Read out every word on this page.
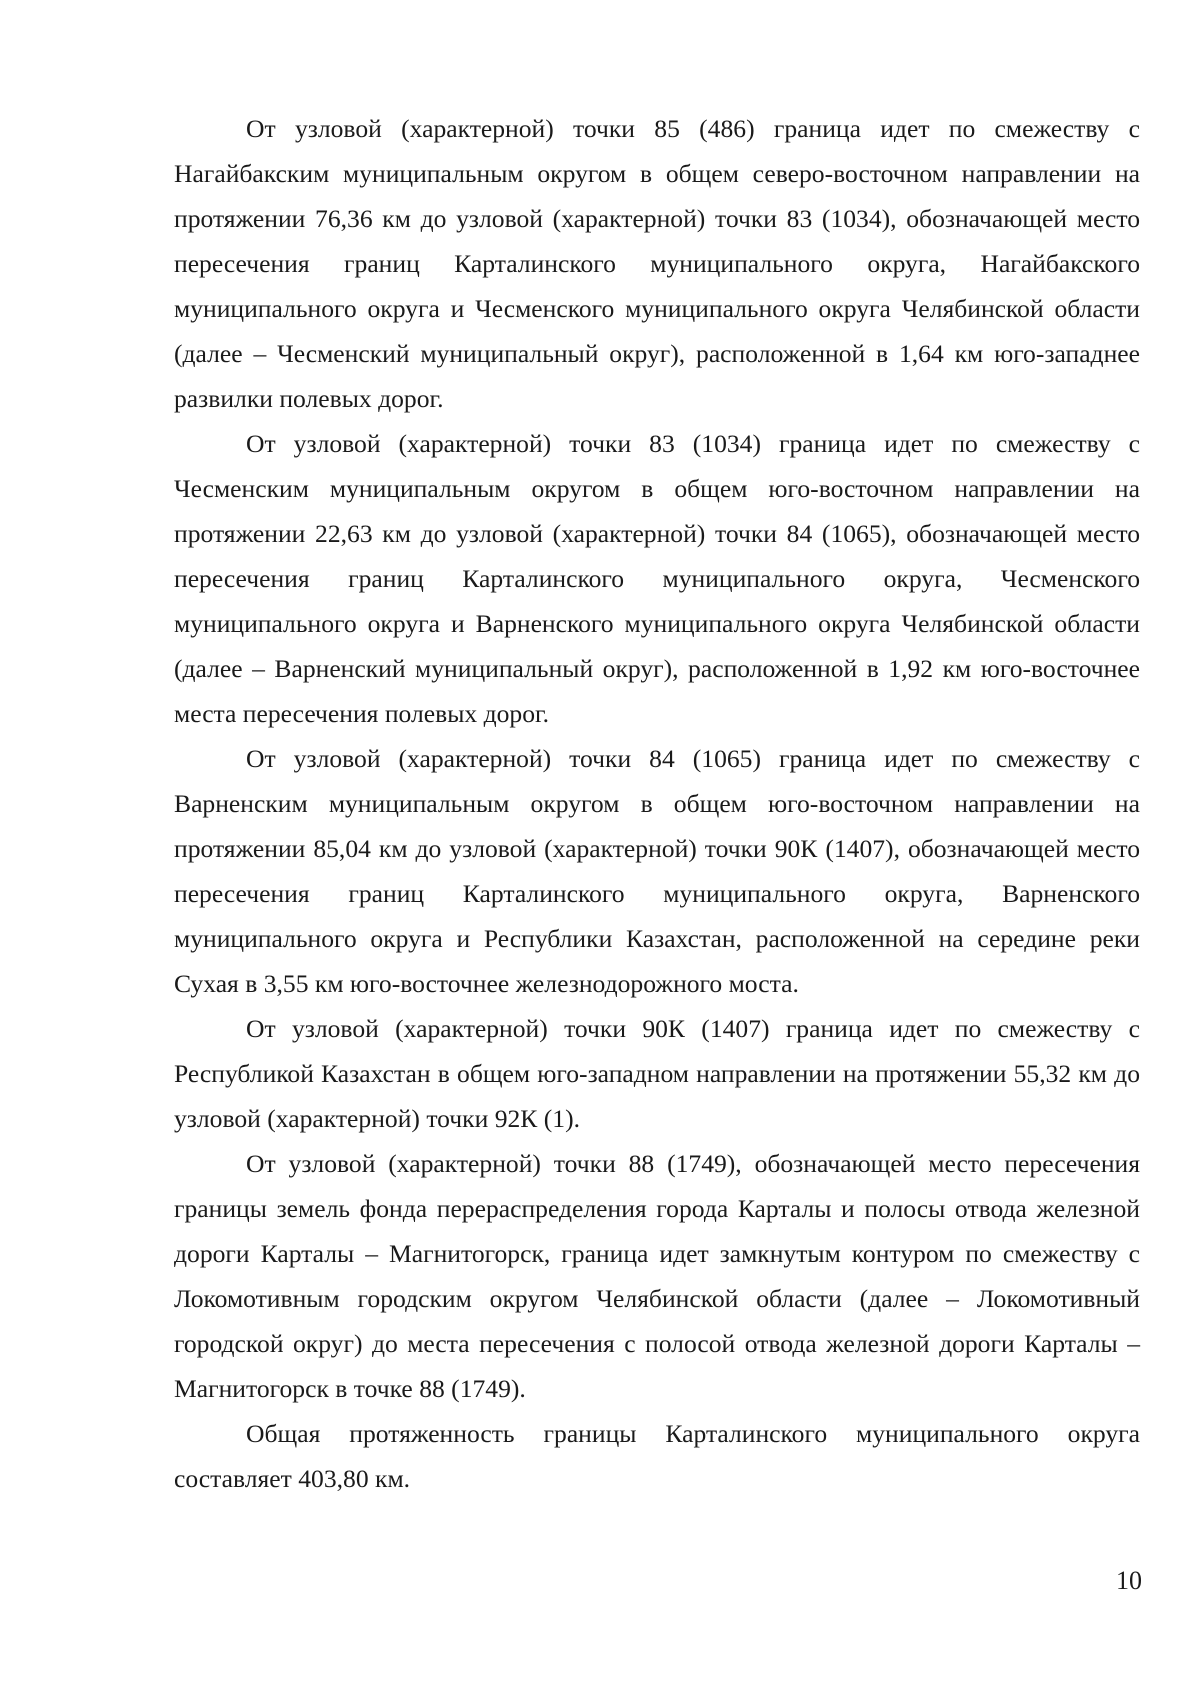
От узловой (характерной) точки 85 (486) граница идет по смежеству с Нагайбакским муниципальным округом в общем северо-восточном направлении на протяжении 76,36 км до узловой (характерной) точки 83 (1034), обозначающей место пересечения границ Карталинского муниципального округа, Нагайбакского муниципального округа и Чесменского муниципального округа Челябинской области (далее – Чесменский муниципальный округ), расположенной в 1,64 км юго-западнее развилки полевых дорог.

От узловой (характерной) точки 83 (1034) граница идет по смежеству с Чесменским муниципальным округом в общем юго-восточном направлении на протяжении 22,63 км до узловой (характерной) точки 84 (1065), обозначающей место пересечения границ Карталинского муниципального округа, Чесменского муниципального округа и Варненского муниципального округа Челябинской области (далее – Варненский муниципальный округ), расположенной в 1,92 км юго-восточнее места пересечения полевых дорог.

От узловой (характерной) точки 84 (1065) граница идет по смежеству с Варненским муниципальным округом в общем юго-восточном направлении на протяжении 85,04 км до узловой (характерной) точки 90К (1407), обозначающей место пересечения границ Карталинского муниципального округа, Варненского муниципального округа и Республики Казахстан, расположенной на середине реки Сухая в 3,55 км юго-восточнее железнодорожного моста.

От узловой (характерной) точки 90К (1407) граница идет по смежеству с Республикой Казахстан в общем юго-западном направлении на протяжении 55,32 км до узловой (характерной) точки 92К (1).

От узловой (характерной) точки 88 (1749), обозначающей место пересечения границы земель фонда перераспределения города Карталы и полосы отвода железной дороги Карталы – Магнитогорск, граница идет замкнутым контуром по смежеству с Локомотивным городским округом Челябинской области (далее – Локомотивный городской округ) до места пересечения с полосой отвода железной дороги Карталы – Магнитогорск в точке 88 (1749).

Общая протяженность границы Карталинского муниципального округа составляет 403,80 км.

10
